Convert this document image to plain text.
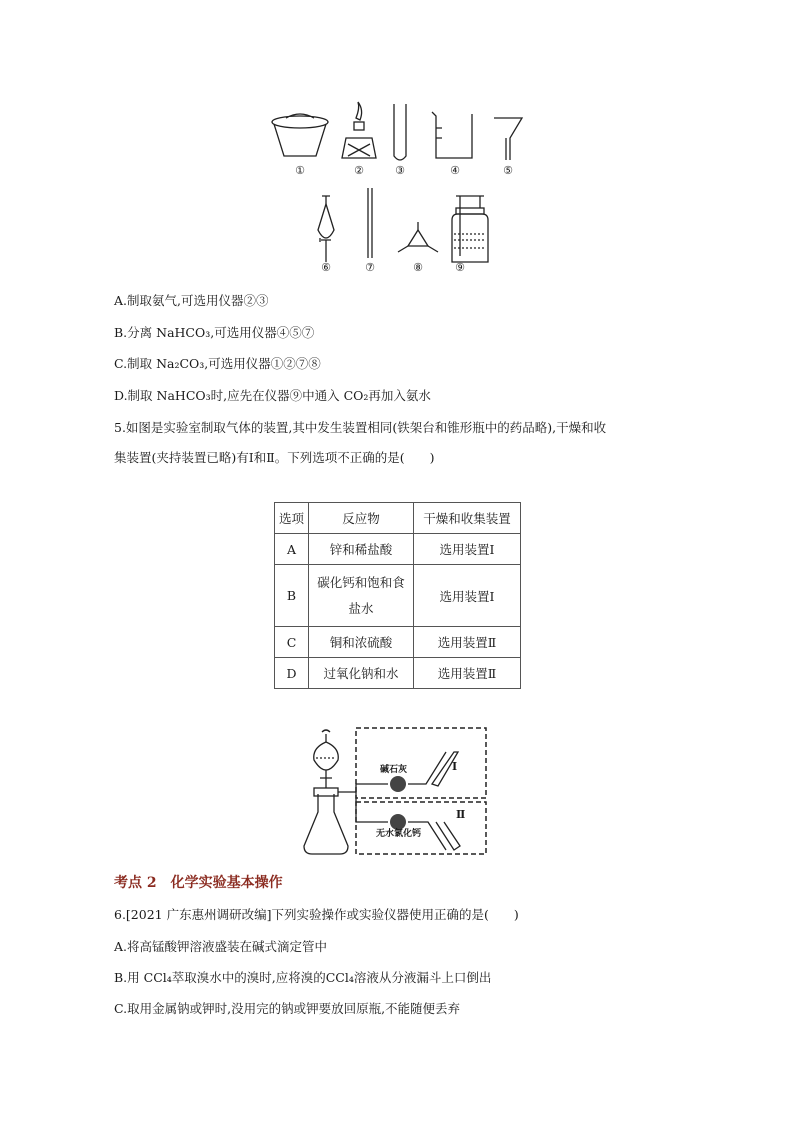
①	②	③	④	⑤
⑥	⑦	⑧	⑨
A.制取氨气,可选用仪器②③
B.分离 NaHCO₃,可选用仪器④⑤⑦
C.制取 Na₂CO₃,可选用仪器①②⑦⑧
D.制取 NaHCO₃时,应先在仪器⑨中通入 CO₂再加入氨水
5.如图是实验室制取气体的装置,其中发生装置相同(铁架台和锥形瓶中的药品略),干燥和收
集装置(夹持装置已略)有Ⅰ和Ⅱ。下列选项不正确的是(　　)
选项	反应物	干燥和收集装置
A	锌和稀盐酸	选用装置Ⅰ
B	碳化钙和饱和食
盐水	选用装置Ⅰ
C	铜和浓硫酸	选用装置Ⅱ
D	过氧化钠和水	选用装置Ⅱ
碱石灰
无水氯化钙
Ⅰ
Ⅱ
考点 2　化学实验基本操作
6.[2021 广东惠州调研改编]下列实验操作或实验仪器使用正确的是(　　)
A.将高锰酸钾溶液盛装在碱式滴定管中
B.用 CCl₄萃取溴水中的溴时,应将溴的CCl₄溶液从分液漏斗上口倒出
C.取用金属钠或钾时,没用完的钠或钾要放回原瓶,不能随便丢弃
